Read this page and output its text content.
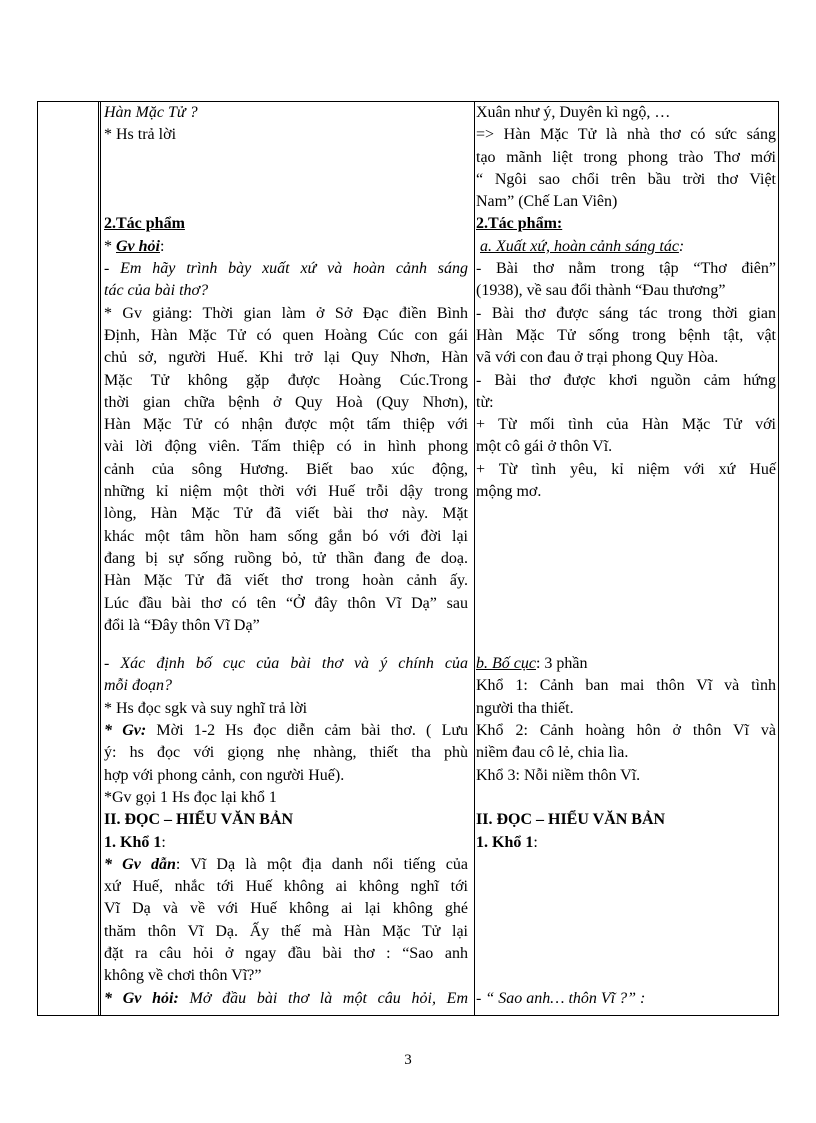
Hàn Mặc Tử ?
* Hs trả lời
2.Tác phẩm
* Gv hỏi:
- Em hãy trình bày xuất xứ và hoàn cảnh sáng
tác của bài thơ?
* Gv giảng: Thời gian làm ở Sở Đạc điền Bình
Định, Hàn Mặc Tử có quen Hoàng Cúc con gái
chủ sở, người Huế. Khi trở lại Quy Nhơn, Hàn
Mặc Tử không gặp được Hoàng Cúc.Trong
thời gian chữa bệnh ở Quy Hoà (Quy Nhơn),
Hàn Mặc Tử có nhận được một tấm thiệp với
vài lời động viên. Tấm thiệp có in hình phong
cảnh của sông Hương. Biết bao xúc động,
những kỉ niệm một thời với Huế trỗi dậy trong
lòng, Hàn Mặc Tử đã viết bài thơ này. Mặt
khác một tâm hồn ham sống gắn bó với đời lại
đang bị sự sống ruồng bỏ, tử thần đang đe doạ.
Hàn Mặc Tử đã viết thơ trong hoàn cảnh ấy.
Lúc đầu bài thơ có tên “Ở đây thôn Vĩ Dạ” sau
đổi là “Đây thôn Vĩ Dạ”
- Xác định bố cục của bài thơ và ý chính của
mỗi đoạn?
* Hs đọc sgk và suy nghĩ trả lời
* Gv: Mời 1-2 Hs đọc diễn cảm bài thơ. ( Lưu
ý: hs đọc với giọng nhẹ nhàng, thiết tha phù
hợp với phong cảnh, con người Huế).
*Gv gọi 1 Hs đọc lại khổ 1
II. ĐỌC – HIỂU VĂN BẢN
1. Khổ 1:
* Gv dẫn: Vĩ Dạ là một địa danh nổi tiếng của
xứ Huế, nhắc tới Huế không ai không nghĩ tới
Vĩ Dạ và về với Huế không ai lại không ghé
thăm thôn Vĩ Dạ. Ấy thế mà Hàn Mặc Tử lại
đặt ra câu hỏi ở ngay đầu bài thơ : “Sao anh
không về chơi thôn Vĩ?”
* Gv hỏi: Mở đầu bài thơ là một câu hỏi, Em
Xuân như ý, Duyên kì ngộ, …
=> Hàn Mặc Tử là nhà thơ có sức sáng
tạo mãnh liệt trong phong trào Thơ mới
“ Ngôi sao chổi trên bầu trời thơ Việt
Nam” (Chế Lan Viên)
2.Tác phẩm:
a. Xuất xứ, hoàn cảnh sáng tác:
- Bài thơ nằm trong tập “Thơ điên”
(1938), về sau đổi thành “Đau thương”
- Bài thơ được sáng tác trong thời gian
Hàn Mặc Tử sống trong bệnh tật, vật
vã với con đau ở trại phong Quy Hòa.
- Bài thơ được khơi nguồn cảm hứng
từ:
+ Từ mối tình của Hàn Mặc Tử với
một cô gái ở thôn Vĩ.
+ Từ tình yêu, kỉ niệm với xứ Huế
mộng mơ.
b. Bố cục: 3 phần
Khổ 1: Cảnh ban mai thôn Vĩ và tình
người tha thiết.
Khổ 2: Cảnh hoàng hôn ở thôn Vĩ và
niềm đau cô lẻ, chia lìa.
Khổ 3: Nỗi niềm thôn Vĩ.
II. ĐỌC – HIỂU VĂN BẢN
1. Khổ 1:
- “ Sao anh… thôn Vĩ ?” :
3
